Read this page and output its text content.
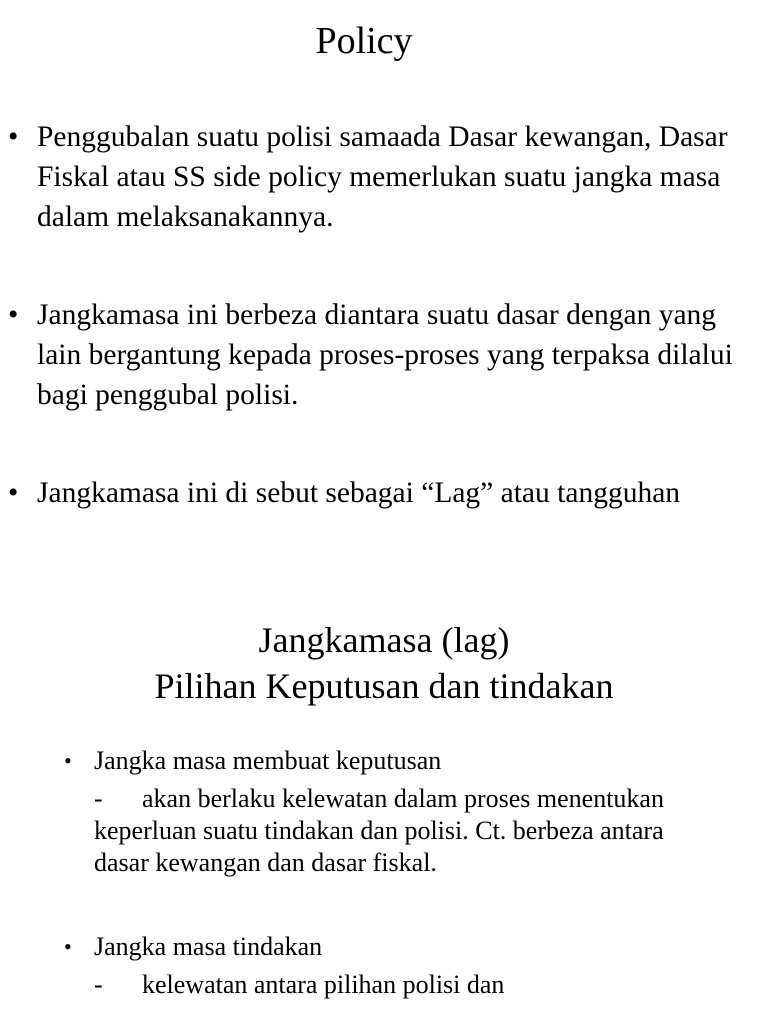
Policy
• Penggubalan suatu polisi samaada Dasar kewangan, Dasar Fiskal atau SS side policy memerlukan suatu jangka masa dalam melaksanakannya.
• Jangkamasa ini berbeza diantara suatu dasar dengan yang lain bergantung kepada proses-proses yang terpaksa dilalui bagi penggubal polisi.
• Jangkamasa ini di sebut sebagai “Lag” atau tangguhan
Jangkamasa (lag)
Pilihan Keputusan dan tindakan
• Jangka masa membuat keputusan
- akan berlaku kelewatan dalam proses menentukan keperluan suatu tindakan dan polisi. Ct. berbeza antara dasar kewangan dan dasar fiskal.
• Jangka masa tindakan
- kelewatan antara pilihan polisi dan
